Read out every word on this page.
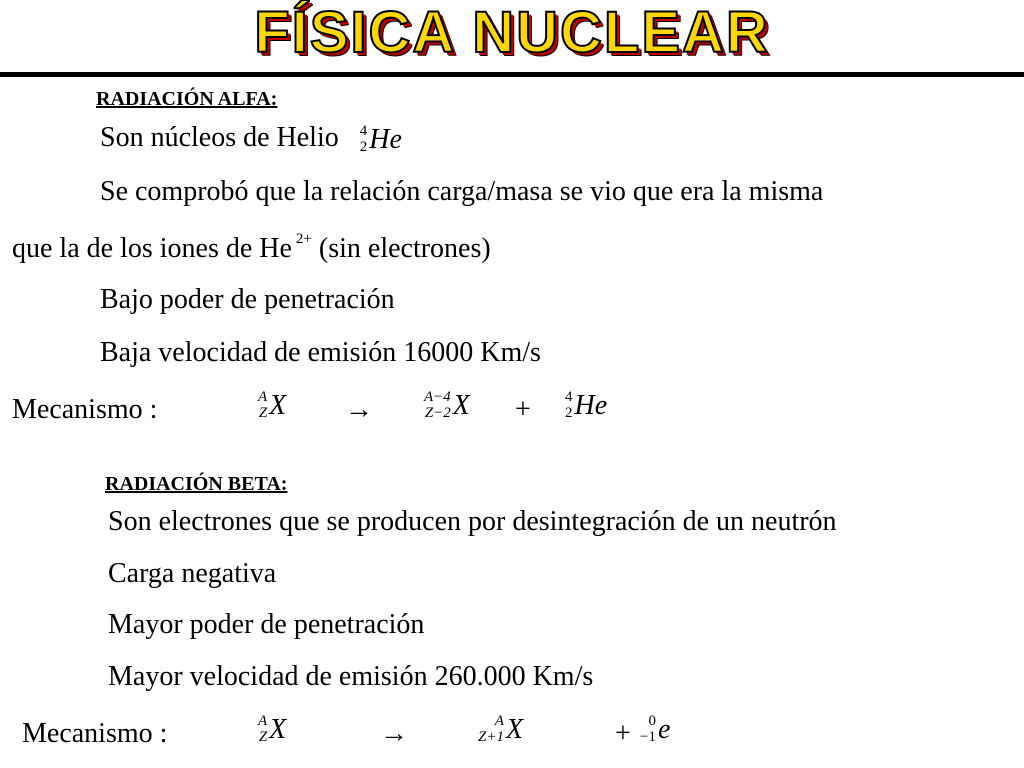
FÍSICA NUCLEAR
RADIACIÓN ALFA:
Son núcleos de Helio 4
2 He
Se comprobó que la relación carga/masa se vio que era la misma
que la de los iones de He $^{2+}$ (sin electrones)
Bajo poder de penetración
Baja velocidad de emisión 16000 Km/s
Mecanismo :	A
Z X →	A−4
Z−2 X + 4
2 He
RADIACIÓN BETA:
Son electrones que se producen por desintegración de un neutrón
Carga negativa
Mayor poder de penetración
Mayor velocidad de emisión 260.000 Km/s
Mecanismo :	A
Z X	→	A
Z+1 X	+ 0
−1 e
